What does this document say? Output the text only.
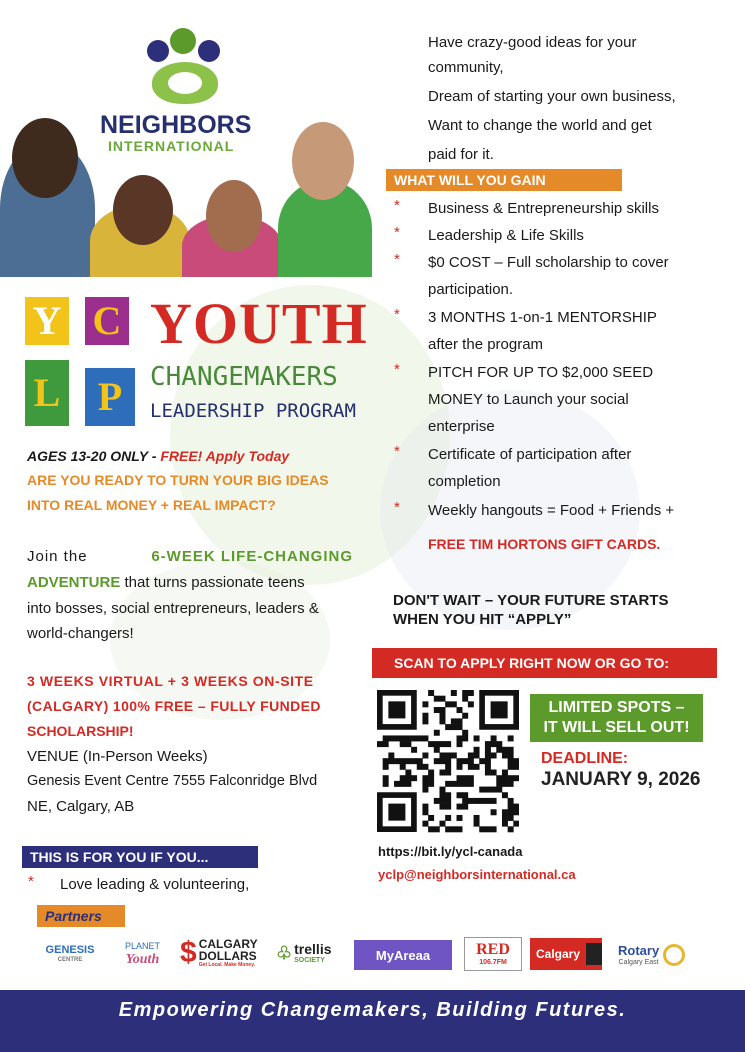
NEIGHBORS
INTERNATIONAL
Y C
L P
YOUTH
CHANGEMAKERS
LEADERSHIP PROGRAM
AGES 13-20 ONLY - FREE! Apply Today
ARE YOU READY TO TURN YOUR BIG IDEAS
INTO REAL MONEY + REAL IMPACT?
Join the	6-WEEK LIFE-CHANGING
ADVENTURE that turns passionate teens
into bosses, social entrepreneurs, leaders &
world-changers!
3 WEEKS VIRTUAL + 3 WEEKS ON-SITE
(CALGARY) 100% FREE – FULLY FUNDED
SCHOLARSHIP!
VENUE (In-Person Weeks)
Genesis Event Centre 7555 Falconridge Blvd
NE, Calgary, AB
THIS IS FOR YOU IF YOU...
* Love leading & volunteering,
Partners
Have crazy-good ideas for your
community,
Dream of starting your own business,
Want to change the world and get
paid for it.
WHAT WILL YOU GAIN
* Business & Entrepreneurship skills
* Leadership & Life Skills
* $0 COST – Full scholarship to cover
participation.
* 3 MONTHS 1-on-1 MENTORSHIP
after the program
* PITCH FOR UP TO $2,000 SEED
MONEY to Launch your social
enterprise
* Certificate of participation after
completion
* Weekly hangouts = Food + Friends +
FREE TIM HORTONS GIFT CARDS.
DON'T WAIT – YOUR FUTURE STARTS
WHEN YOU HIT “APPLY”
SCAN TO APPLY RIGHT NOW OR GO TO:
LIMITED SPOTS –
IT WILL SELL OUT!
DEADLINE:
JANUARY 9, 2026
https://bit.ly/ycl-canada
yclp@neighborsinternational.ca
GENESIS
CENTRE
PLANET
Youth $ CALGARY
DOLLARS
Get Local. Make Money.
♧ trellis
SOCIETY	MyAreaa	RED
106.7FM
Calgary	Rotary
Calgary East
Empowering Changemakers, Building Futures.
